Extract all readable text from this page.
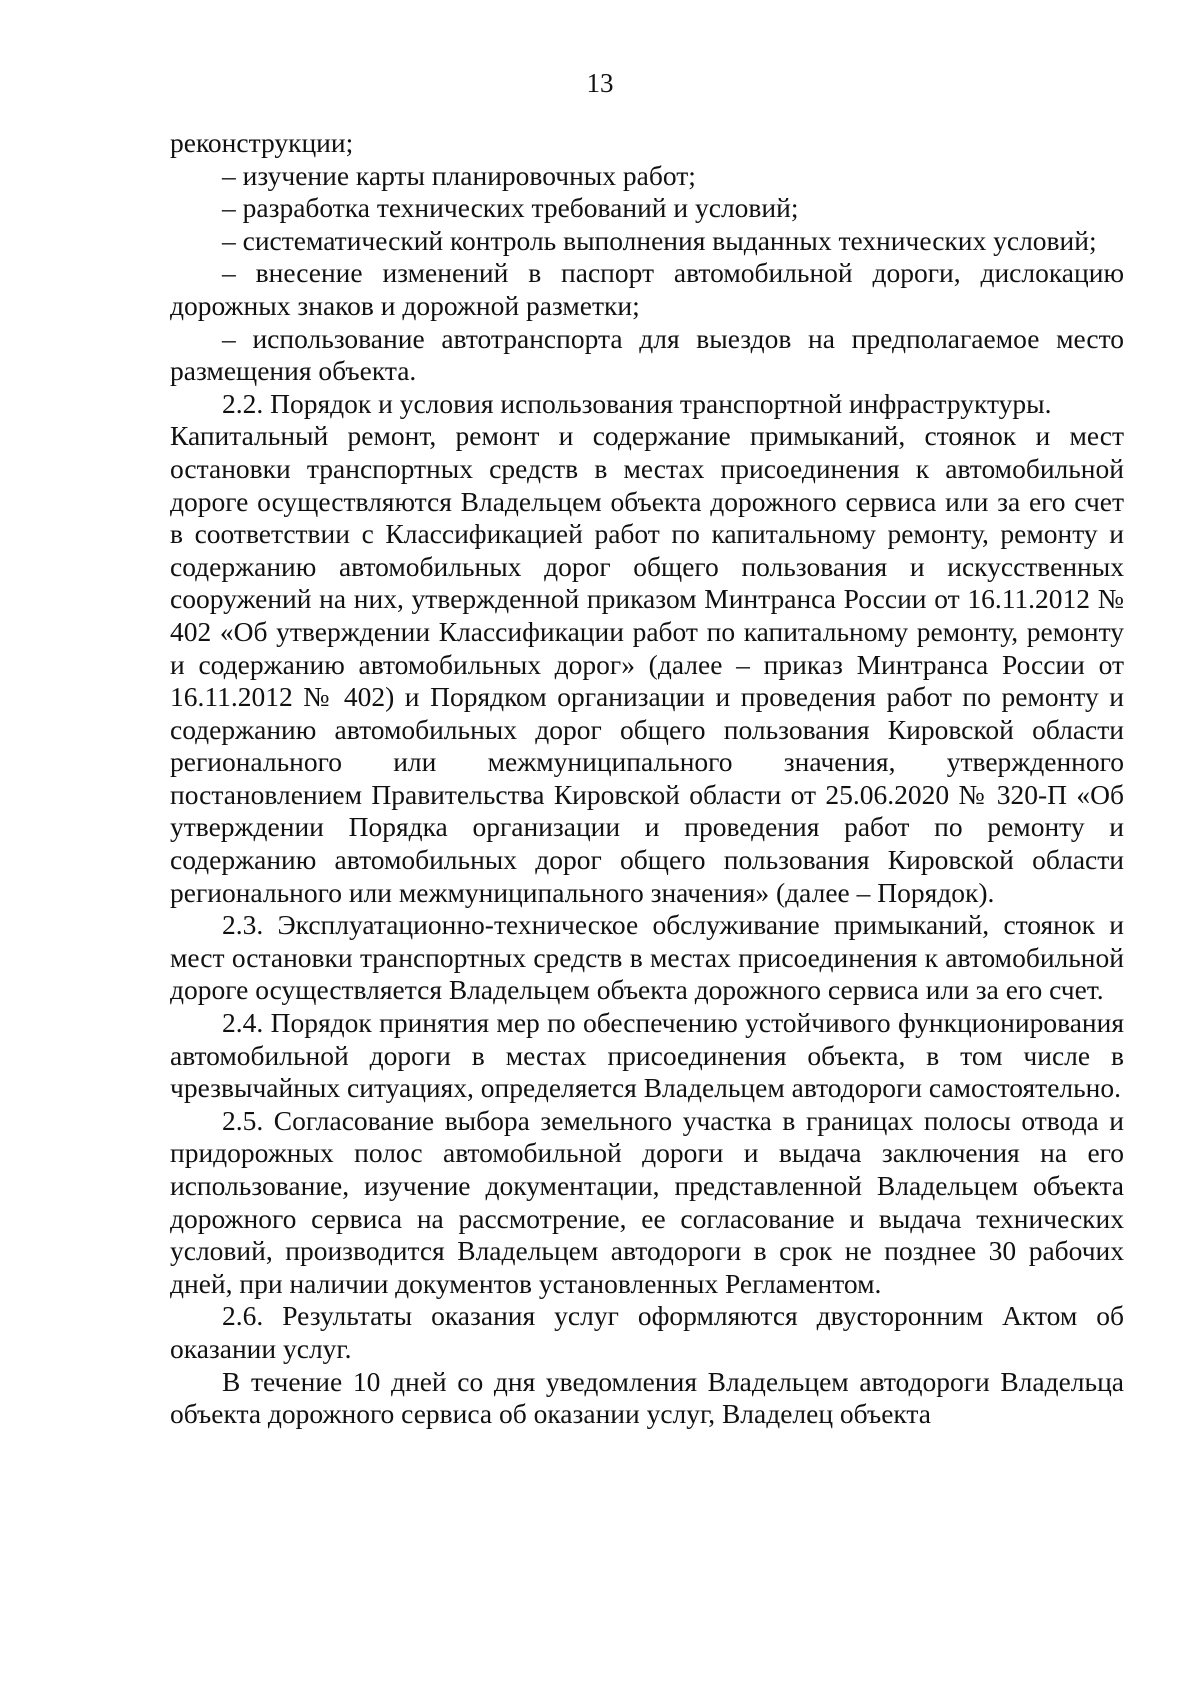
13

реконструкции;

– изучение карты планировочных работ;

– разработка технических требований и условий;

– систематический контроль выполнения выданных технических условий;

– внесение изменений в паспорт автомобильной дороги, дислокацию дорожных знаков и дорожной разметки;

– использование автотранспорта для выездов на предполагаемое место размещения объекта.

2.2. Порядок и условия использования транспортной инфраструктуры.

Капитальный ремонт, ремонт и содержание примыканий, стоянок и мест остановки транспортных средств в местах присоединения к автомобильной дороге осуществляются Владельцем объекта дорожного сервиса или за его счет в соответствии с Классификацией работ по капитальному ремонту, ремонту и содержанию автомобильных дорог общего пользования и искусственных сооружений на них, утвержденной приказом Минтранса России от 16.11.2012 № 402 «Об утверждении Классификации работ по капитальному ремонту, ремонту и содержанию автомобильных дорог» (далее – приказ Минтранса России от 16.11.2012 № 402) и Порядком организации и проведения работ по ремонту и содержанию автомобильных дорог общего пользования Кировской области регионального или межмуниципального значения, утвержденного постановлением Правительства Кировской области от 25.06.2020 № 320-П «Об утверждении Порядка организации и проведения работ по ремонту и содержанию автомобильных дорог общего пользования Кировской области регионального или межмуниципального значения» (далее – Порядок).

2.3. Эксплуатационно-техническое обслуживание примыканий, стоянок и мест остановки транспортных средств в местах присоединения к автомобильной дороге осуществляется Владельцем объекта дорожного сервиса или за его счет.

2.4. Порядок принятия мер по обеспечению устойчивого функционирования автомобильной дороги в местах присоединения объекта, в том числе в чрезвычайных ситуациях, определяется Владельцем автодороги самостоятельно.

2.5. Согласование выбора земельного участка в границах полосы отвода и придорожных полос автомобильной дороги и выдача заключения на его использование, изучение документации, представленной Владельцем объекта дорожного сервиса на рассмотрение, ее согласование и выдача технических условий, производится Владельцем автодороги в срок не позднее 30 рабочих дней, при наличии документов установленных Регламентом.

2.6. Результаты оказания услуг оформляются двусторонним Актом об оказании услуг.

В течение 10 дней со дня уведомления Владельцем автодороги Владельца объекта дорожного сервиса об оказании услуг, Владелец объекта
